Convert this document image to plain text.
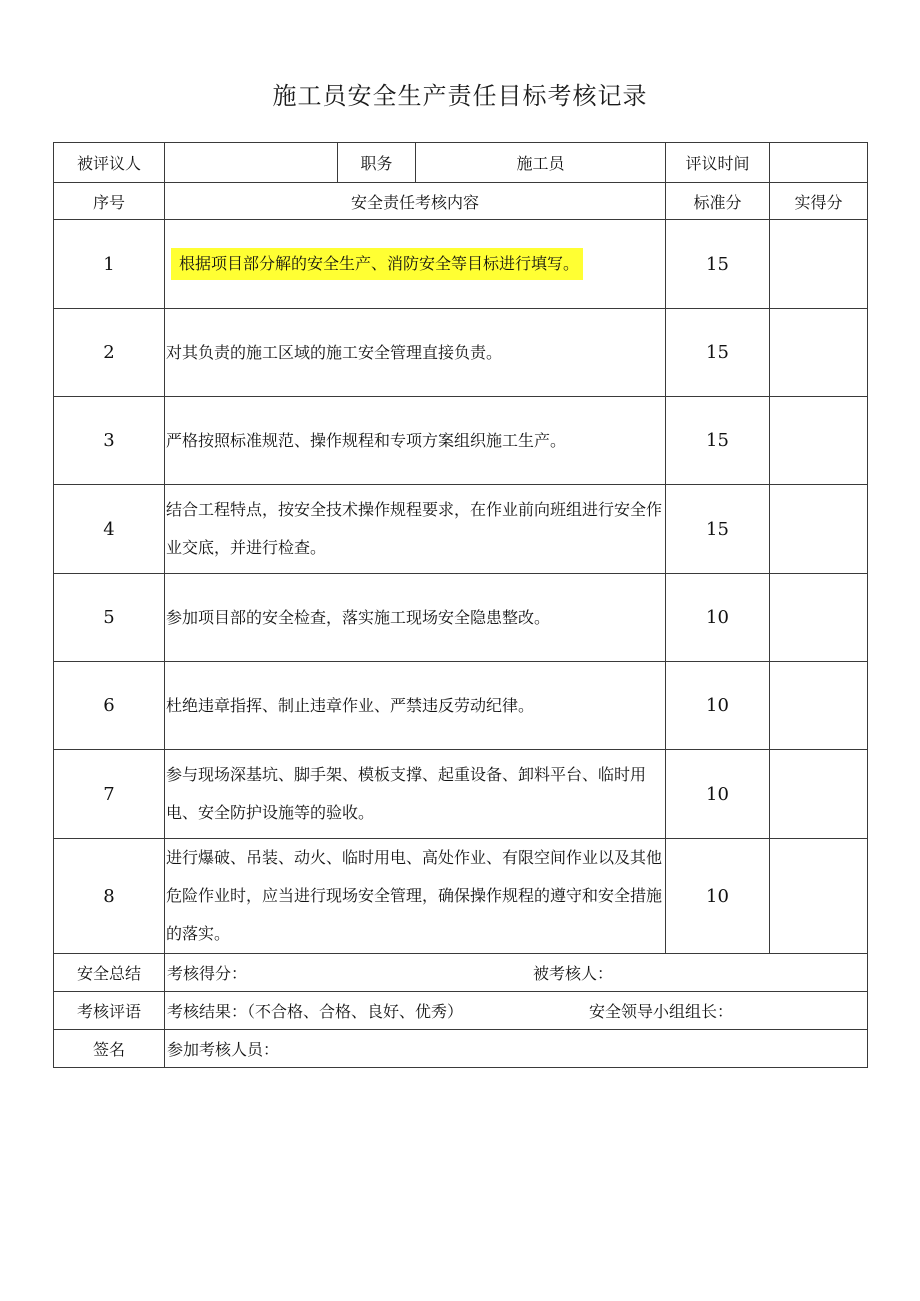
施工员安全生产责任目标考核记录
被评议人		职务	施工员	评议时间	
序号	安全责任考核内容			标准分	实得分
1	根据项目部分解的安全生产、消防安全等目标进行填写。			15	
2	对其负责的施工区域的施工安全管理直接负责。			15	
3	严格按照标准规范、操作规程和专项方案组织施工生产。			15	
4	结合工程特点，按安全技术操作规程要求，在作业前向班组进行安全作业交底，并进行检查。			15	
5	参加项目部的安全检查，落实施工现场安全隐患整改。			10	
6	杜绝违章指挥、制止违章作业、严禁违反劳动纪律。			10	
7	参与现场深基坑、脚手架、模板支撑、起重设备、卸料平台、临时用电、安全防护设施等的验收。			10	
8	进行爆破、吊装、动火、临时用电、高处作业、有限空间作业以及其他危险作业时，应当进行现场安全管理，确保操作规程的遵守和安全措施的落实。			10	
安全总结	考核得分： 被考核人：				

考核评语	考核结果：（不合格、合格、良好、优秀） 安全领导小组组长：				

签名	参加考核人员：				
